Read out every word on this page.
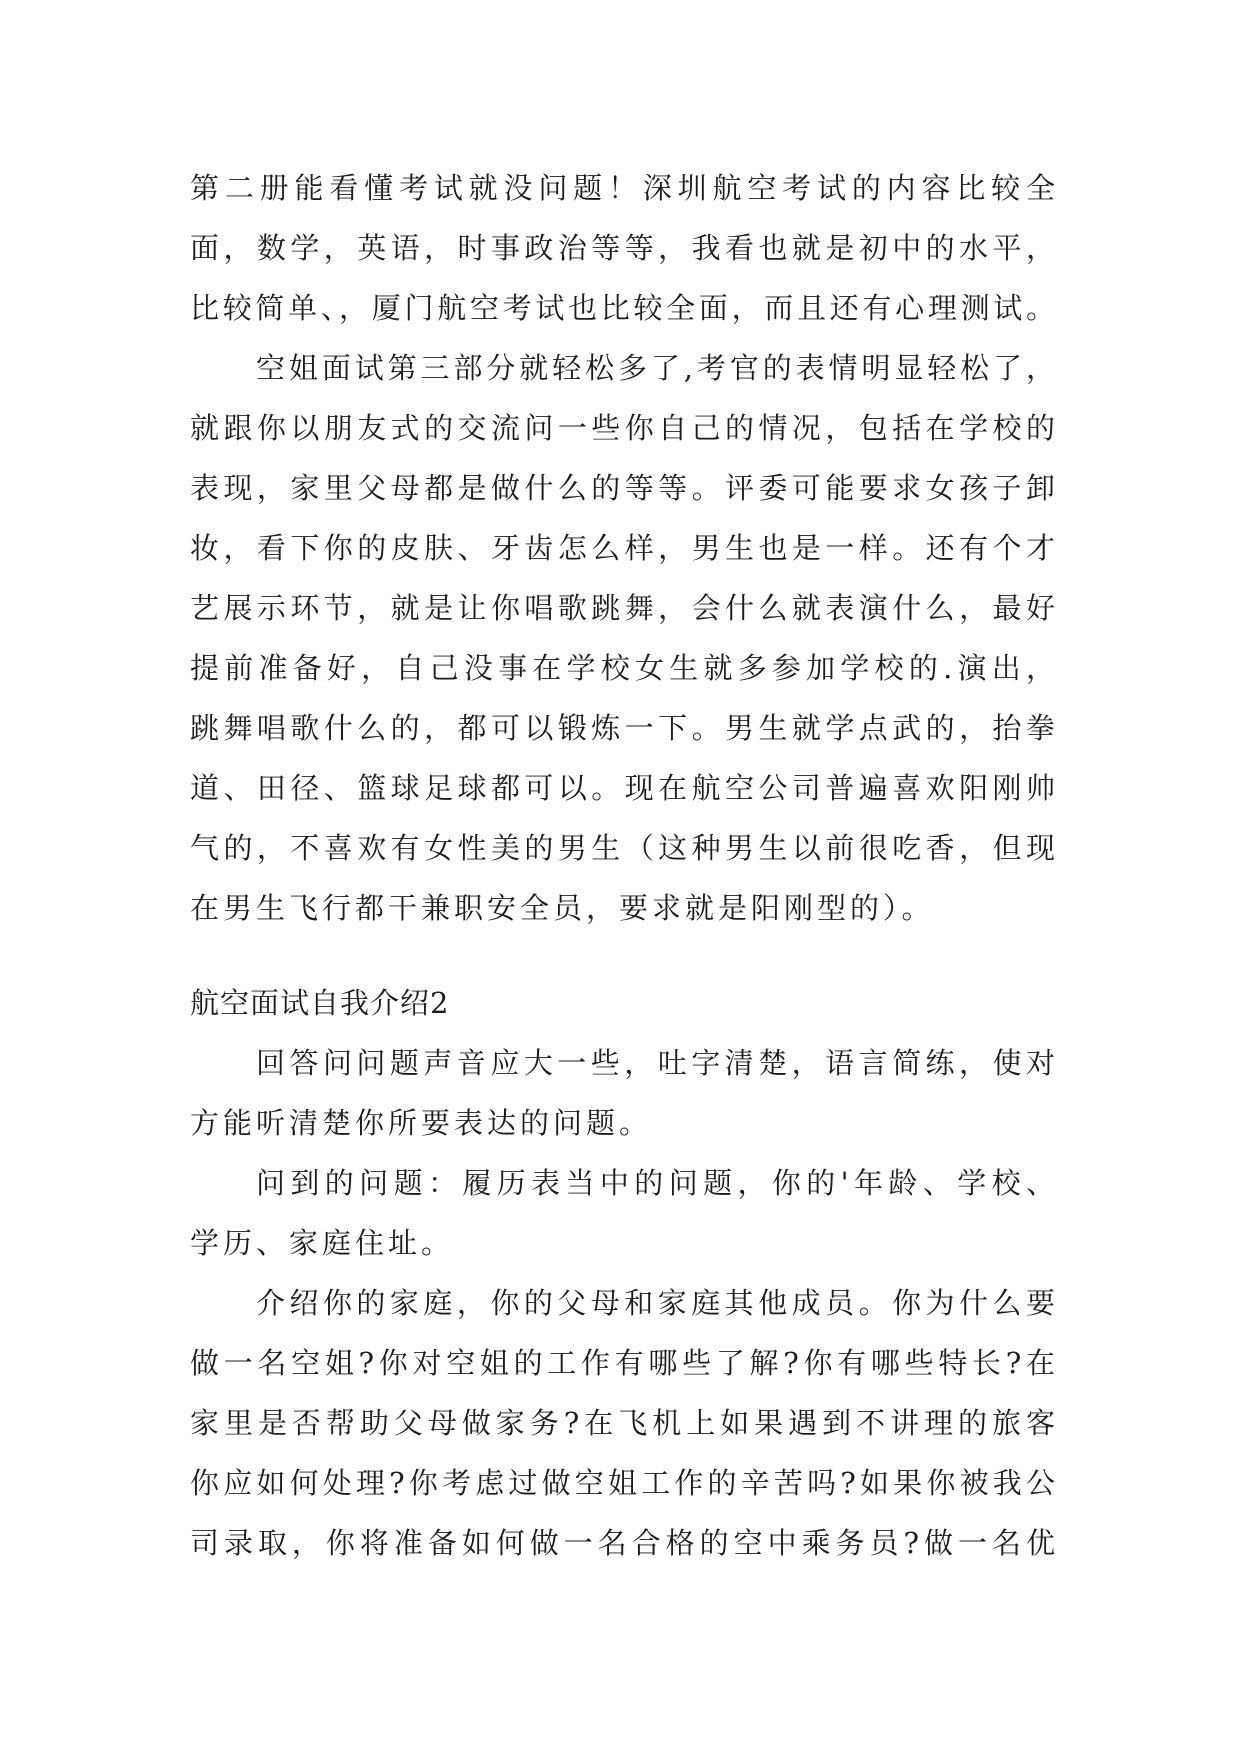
第二册能看懂考试就没问题！深圳航空考试的内容比较全
面，数学，英语，时事政治等等，我看也就是初中的水平，
比较简单、，厦门航空考试也比较全面，而且还有心理测试。
空姐面试第三部分就轻松多了,考官的表情明显轻松了，
就跟你以朋友式的交流问一些你自己的情况，包括在学校的
表现，家里父母都是做什么的等等。评委可能要求女孩子卸
妆，看下你的皮肤、牙齿怎么样，男生也是一样。还有个才
艺展示环节，就是让你唱歌跳舞，会什么就表演什么，最好
提前准备好，自己没事在学校女生就多参加学校的.演出，
跳舞唱歌什么的，都可以锻炼一下。男生就学点武的，抬拳
道、田径、篮球足球都可以。现在航空公司普遍喜欢阳刚帅
气的，不喜欢有女性美的男生（这种男生以前很吃香，但现
在男生飞行都干兼职安全员，要求就是阳刚型的）。
航空面试自我介绍2
回答问问题声音应大一些，吐字清楚，语言简练，使对
方能听清楚你所要表达的问题。
问到的问题：履历表当中的问题，你的'年龄、学校、
学历、家庭住址。
介绍你的家庭，你的父母和家庭其他成员。你为什么要
做一名空姐?你对空姐的工作有哪些了解?你有哪些特长?在
家里是否帮助父母做家务?在飞机上如果遇到不讲理的旅客
你应如何处理?你考虑过做空姐工作的辛苦吗?如果你被我公
司录取，你将准备如何做一名合格的空中乘务员?做一名优
